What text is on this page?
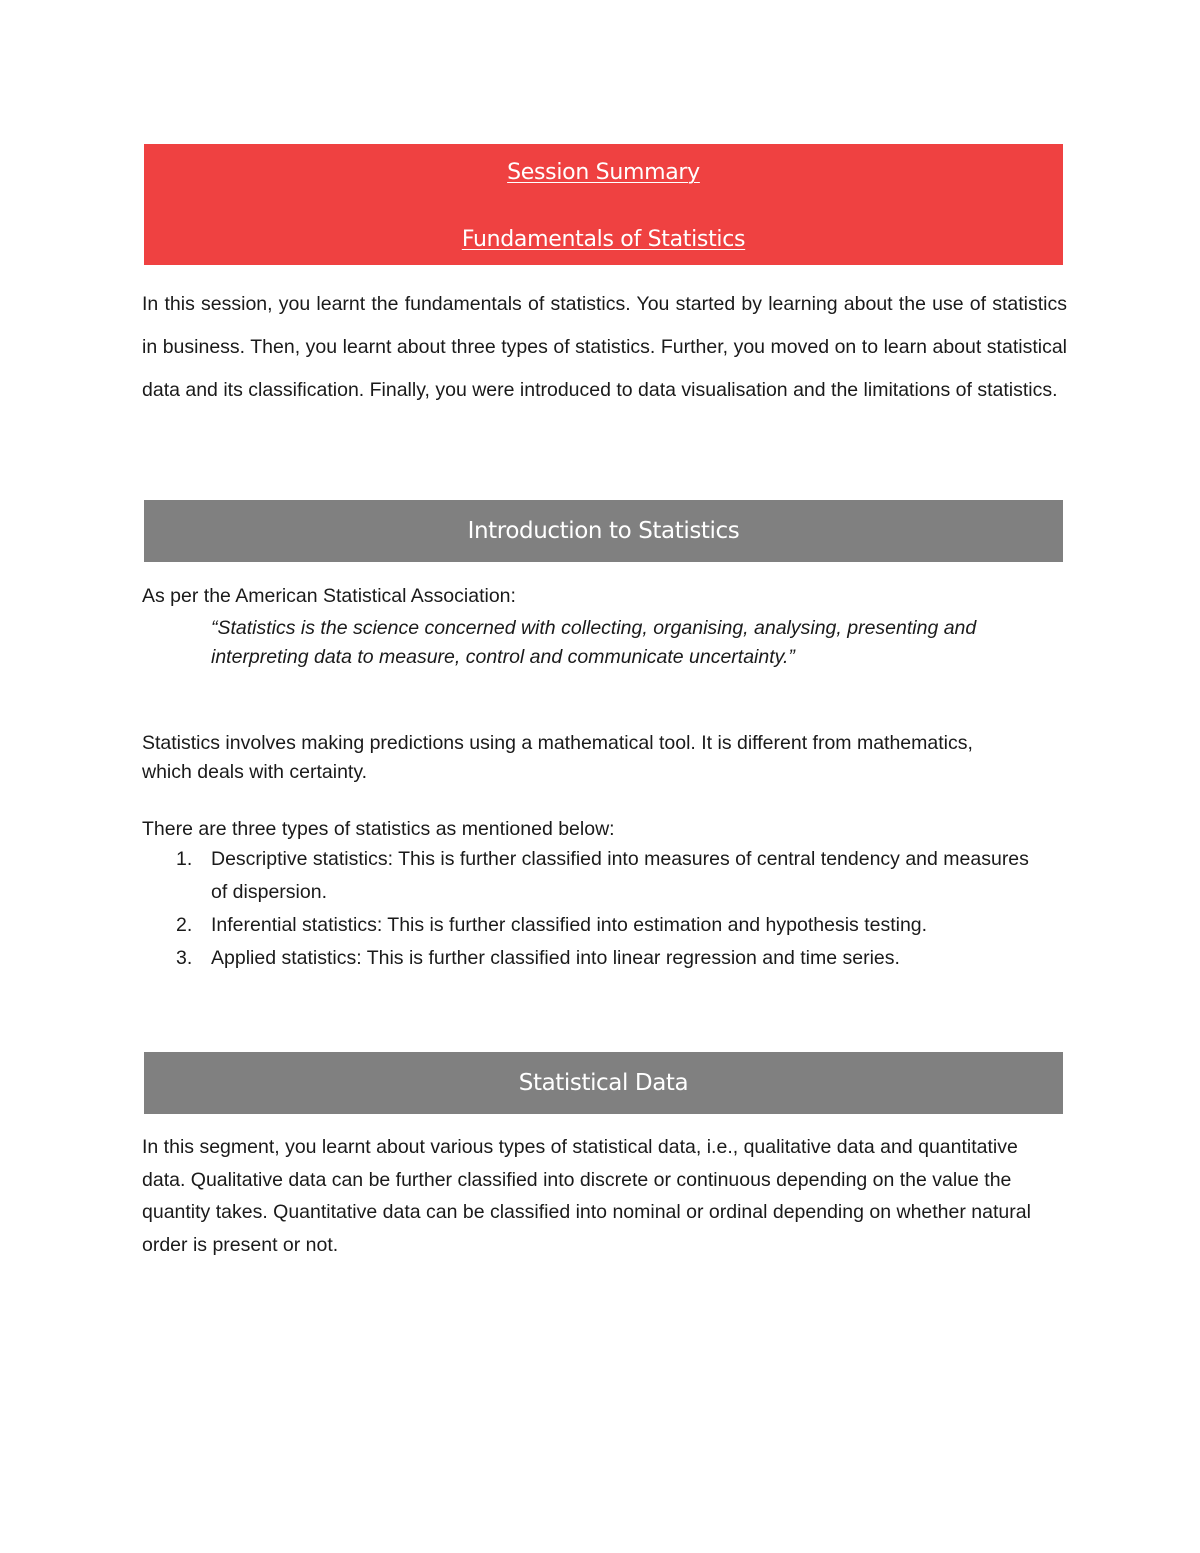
Session Summary
Fundamentals of Statistics

In this session, you learnt the fundamentals of statistics. You started by learning about the use of statistics in business. Then, you learnt about three types of statistics. Further, you moved on to learn about statistical data and its classification. Finally, you were introduced to data visualisation and the limitations of statistics.

Introduction to Statistics

As per the American Statistical Association:

“Statistics is the science concerned with collecting, organising, analysing, presenting and interpreting data to measure, control and communicate uncertainty.”

Statistics involves making predictions using a mathematical tool. It is different from mathematics, which deals with certainty.

There are three types of statistics as mentioned below:

1. Descriptive statistics: This is further classified into measures of central tendency and measures of dispersion.
2. Inferential statistics: This is further classified into estimation and hypothesis testing.
3. Applied statistics: This is further classified into linear regression and time series.
Statistical Data

In this segment, you learnt about various types of statistical data, i.e., qualitative data and quantitative data. Qualitative data can be further classified into discrete or continuous depending on the value the quantity takes. Quantitative data can be classified into nominal or ordinal depending on whether natural order is present or not.
